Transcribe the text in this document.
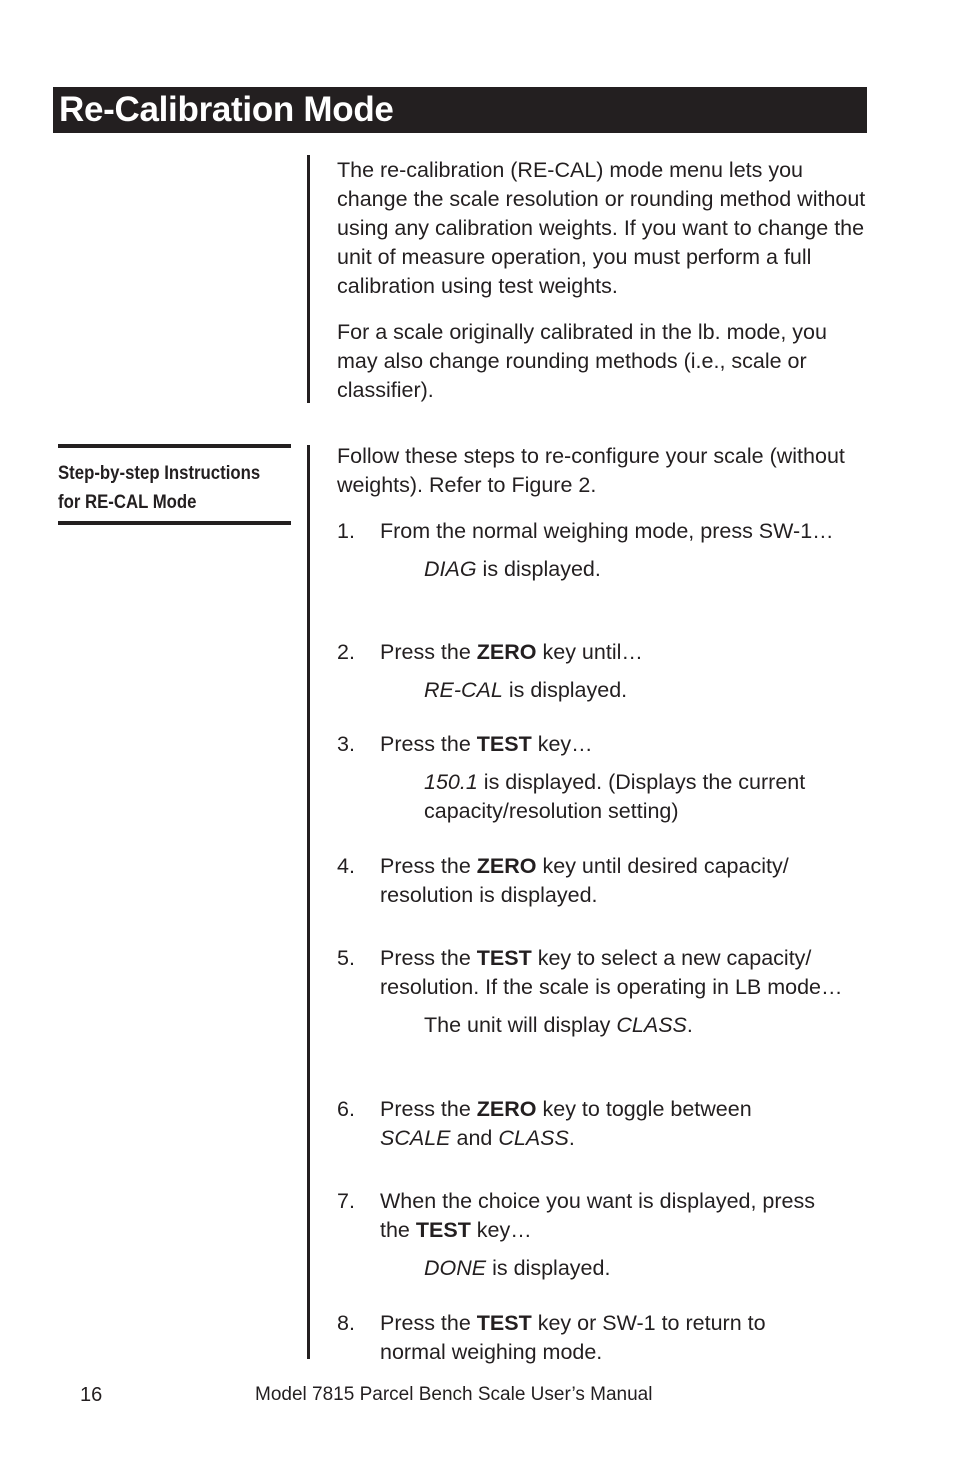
Re-Calibration Mode

The re-calibration (RE-CAL) mode menu lets you change the scale resolution or rounding method without using any calibration weights. If you want to change the unit of measure operation, you must perform a full calibration using test weights.

For a scale originally calibrated in the lb. mode, you may also change rounding methods (i.e., scale or classifier).

Step-by-step Instructions
for RE-CAL Mode

Follow these steps to re-configure your scale (without weights). Refer to Figure 2.

1. From the normal weighing mode, press SW-1…
DIAG is displayed.
2. Press the ZERO key until…
RE-CAL is displayed.
3. Press the TEST key…
150.1 is displayed. (Displays the current capacity/resolution setting)
4. Press the ZERO key until desired capacity/ resolution is displayed.
5. Press the TEST key to select a new capacity/ resolution. If the scale is operating in LB mode…
The unit will display CLASS.
6. Press the ZERO key to toggle between SCALE and CLASS.
7. When the choice you want is displayed, press the TEST key…
DONE is displayed.
8. Press the TEST key or SW-1 to return to normal weighing mode.
16	Model 7815 Parcel Bench Scale User’s Manual
